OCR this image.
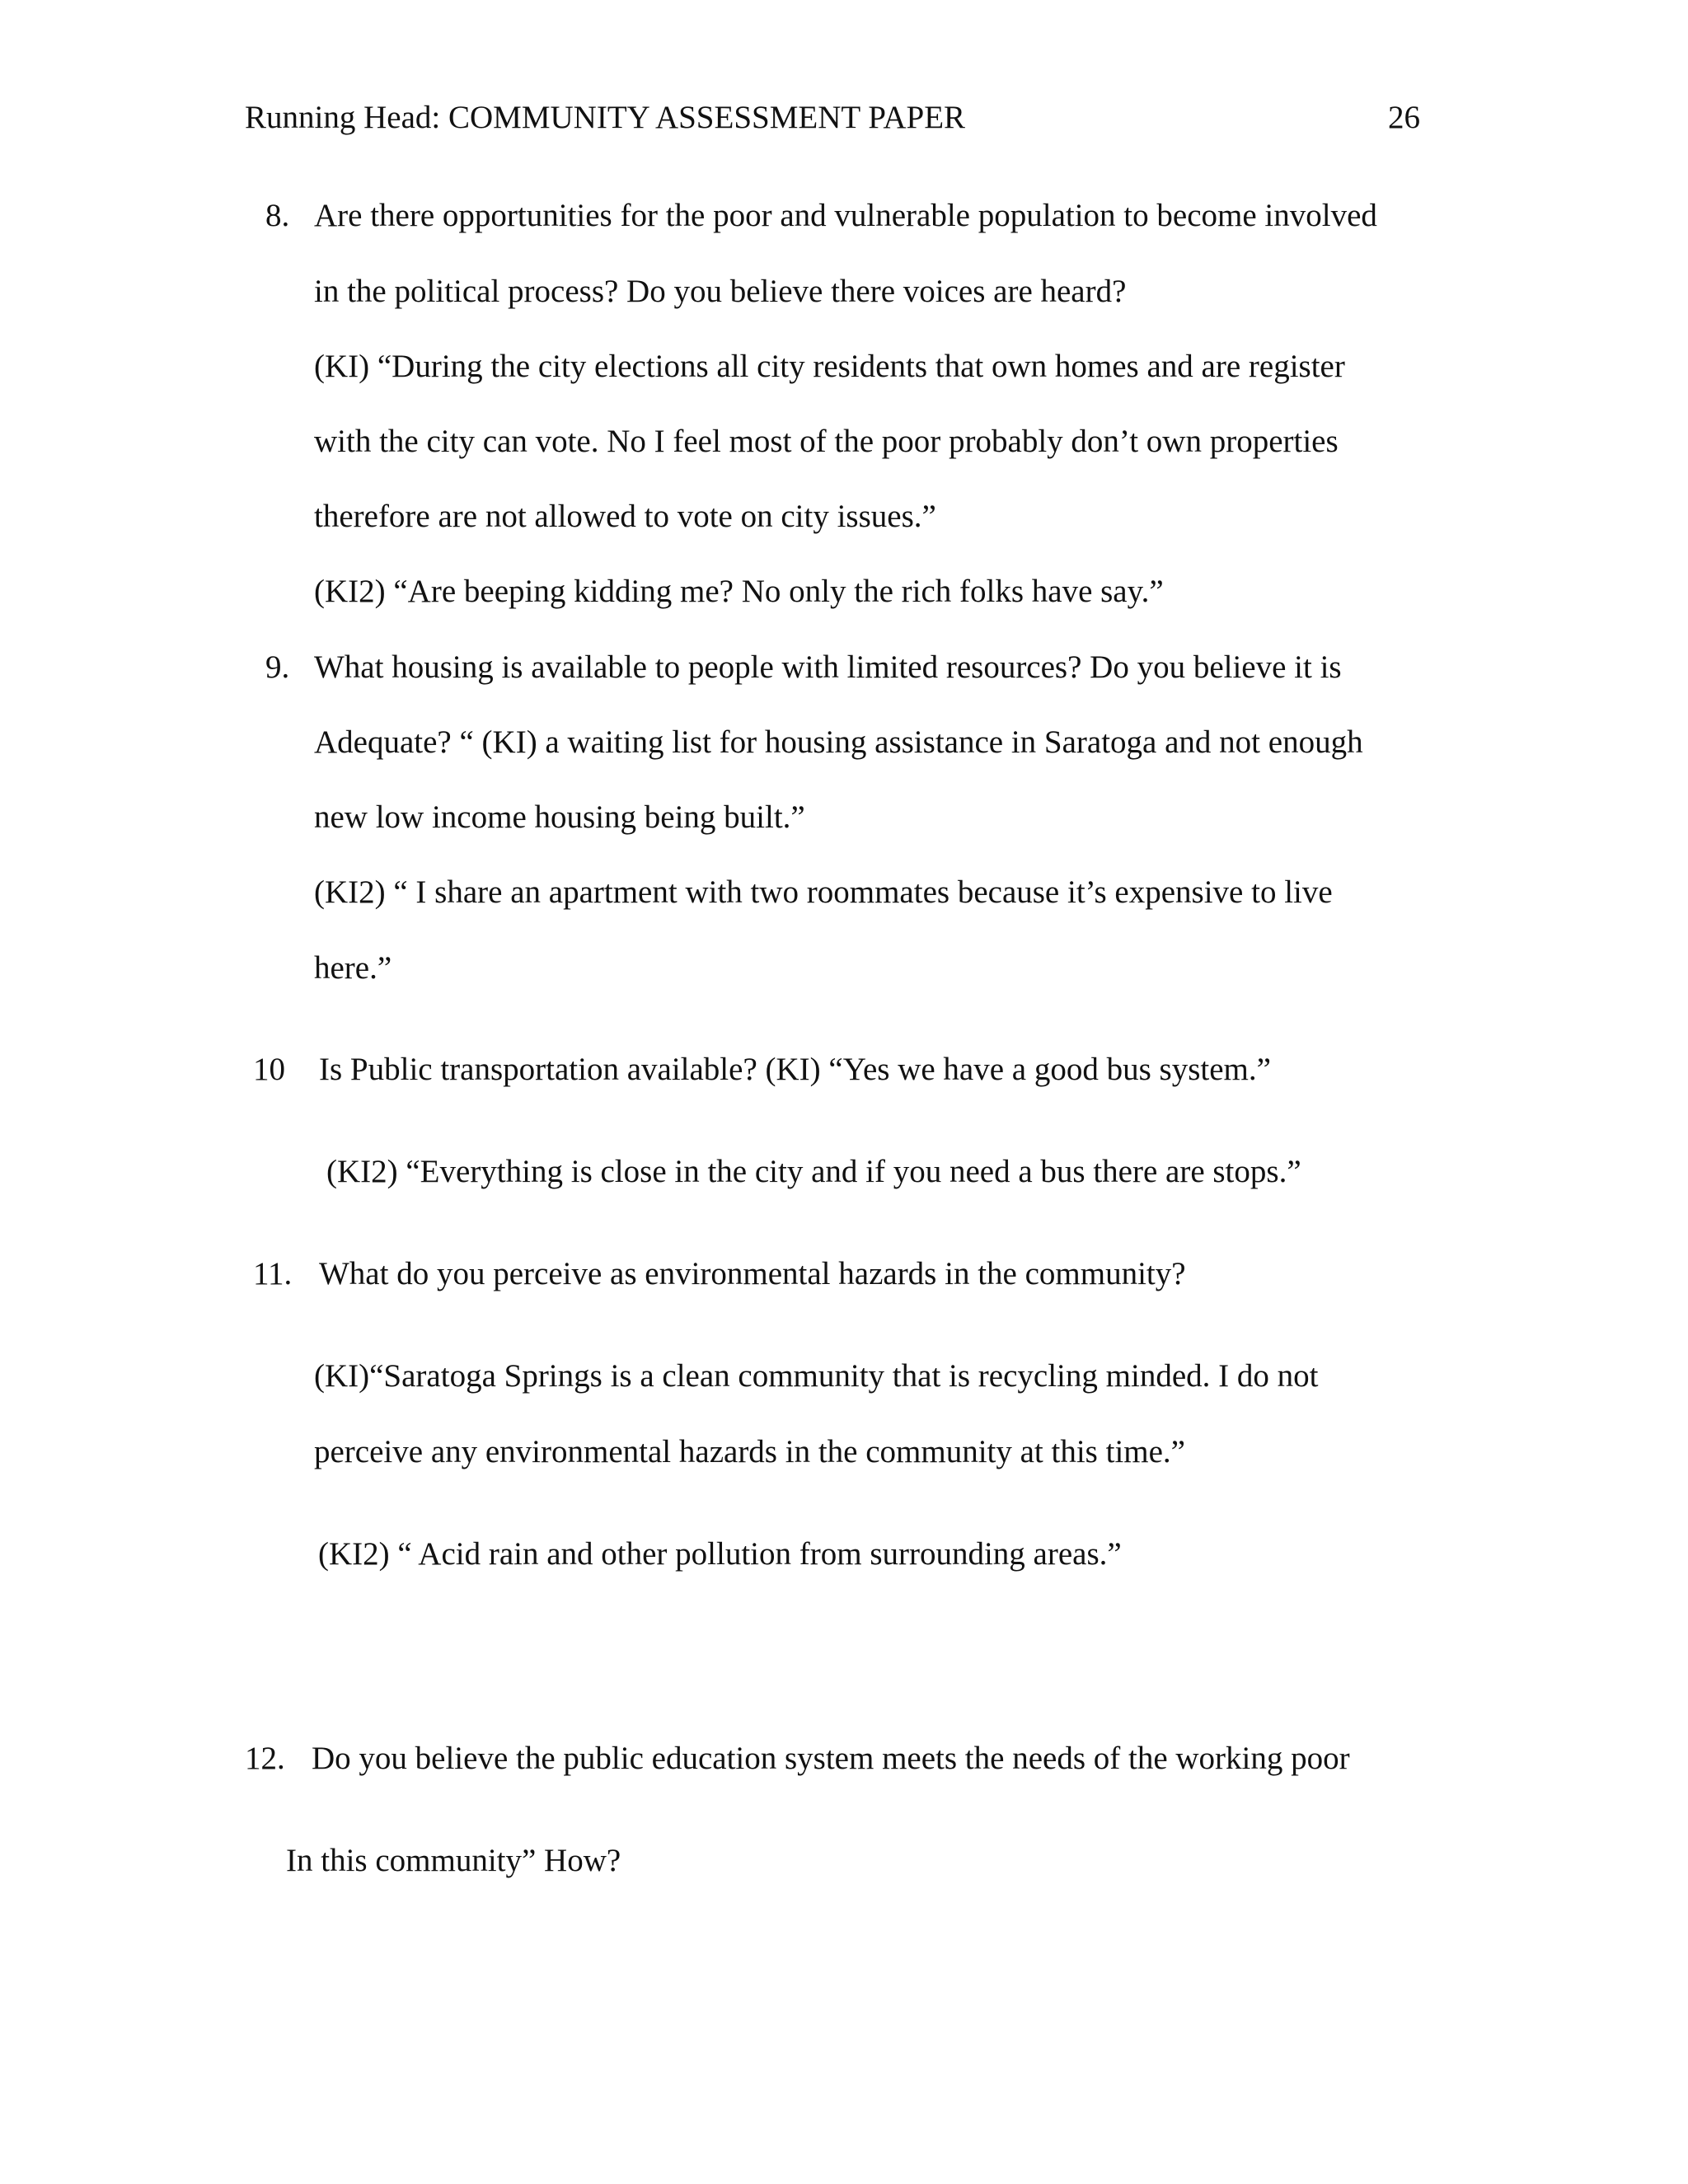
Running Head: COMMUNITY ASSESSMENT PAPER	26
8. Are there opportunities for the poor and vulnerable population to become involved
in the political process? Do you believe there voices are heard?
(KI) “During the city elections all city residents that own homes and are register
with the city can vote. No I feel most of the poor probably don’t own properties
therefore are not allowed to vote on city issues.”
(KI2) “Are beeping kidding me? No only the rich folks have say.”
9. What housing is available to people with limited resources? Do you believe it is
Adequate? “ (KI) a waiting list for housing assistance in Saratoga and not enough
new low income housing being built.”
(KI2) “ I share an apartment with two roommates because it’s expensive to live
here.”
10 Is Public transportation available? (KI) “Yes we have a good bus system.”
(KI2) “Everything is close in the city and if you need a bus there are stops.”
11. What do you perceive as environmental hazards in the community?
(KI)“Saratoga Springs is a clean community that is recycling minded. I do not
perceive any environmental hazards in the community at this time.”
(KI2) “ Acid rain and other pollution from surrounding areas.”
12. Do you believe the public education system meets the needs of the working poor
In this community” How?
